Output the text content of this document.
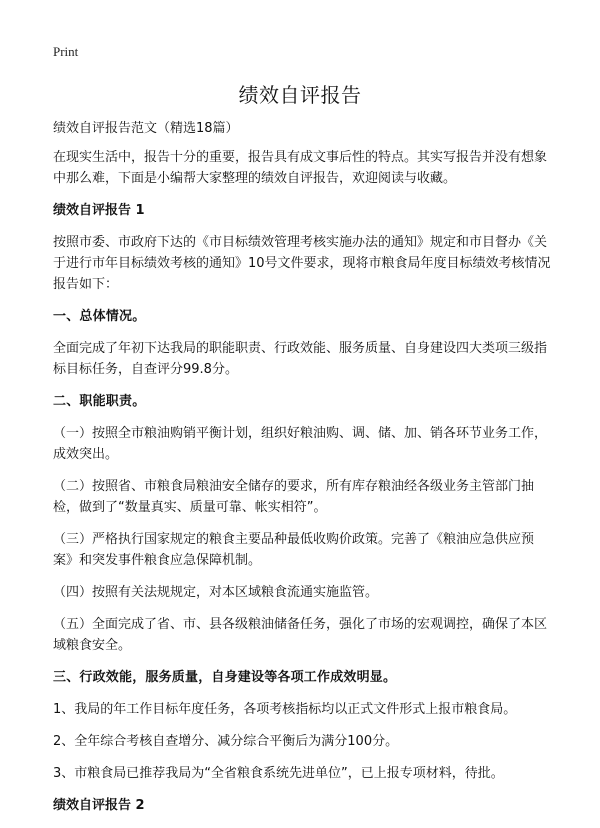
Print
绩效自评报告

绩效自评报告范文（精选18篇）

在现实生活中，报告十分的重要，报告具有成文事后性的特点。其实写报告并没有想象中那么难，下面是小编帮大家整理的绩效自评报告，欢迎阅读与收藏。

绩效自评报告 1

按照市委、市政府下达的《市目标绩效管理考核实施办法的通知》规定和市目督办《关于进行市年目标绩效考核的通知》10号文件要求，现将市粮食局年度目标绩效考核情况报告如下：

一、总体情况。

全面完成了年初下达我局的职能职责、行政效能、服务质量、自身建设四大类项三级指标目标任务，自查评分99.8分。

二、职能职责。

（一）按照全市粮油购销平衡计划，组织好粮油购、调、储、加、销各环节业务工作，成效突出。

（二）按照省、市粮食局粮油安全储存的要求，所有库存粮油经各级业务主管部门抽检，做到了“数量真实、质量可靠、帐实相符”。

（三）严格执行国家规定的粮食主要品种最低收购价政策。完善了《粮油应急供应预案》和突发事件粮食应急保障机制。

（四）按照有关法规规定，对本区域粮食流通实施监管。

（五）全面完成了省、市、县各级粮油储备任务，强化了市场的宏观调控，确保了本区域粮食安全。

三、行政效能，服务质量，自身建设等各项工作成效明显。

1、我局的年工作目标年度任务，各项考核指标均以正式文件形式上报市粮食局。

2、全年综合考核自查增分、减分综合平衡后为满分100分。

3、市粮食局已推荐我局为“全省粮食系统先进单位”，已上报专项材料，待批。

绩效自评报告 2
